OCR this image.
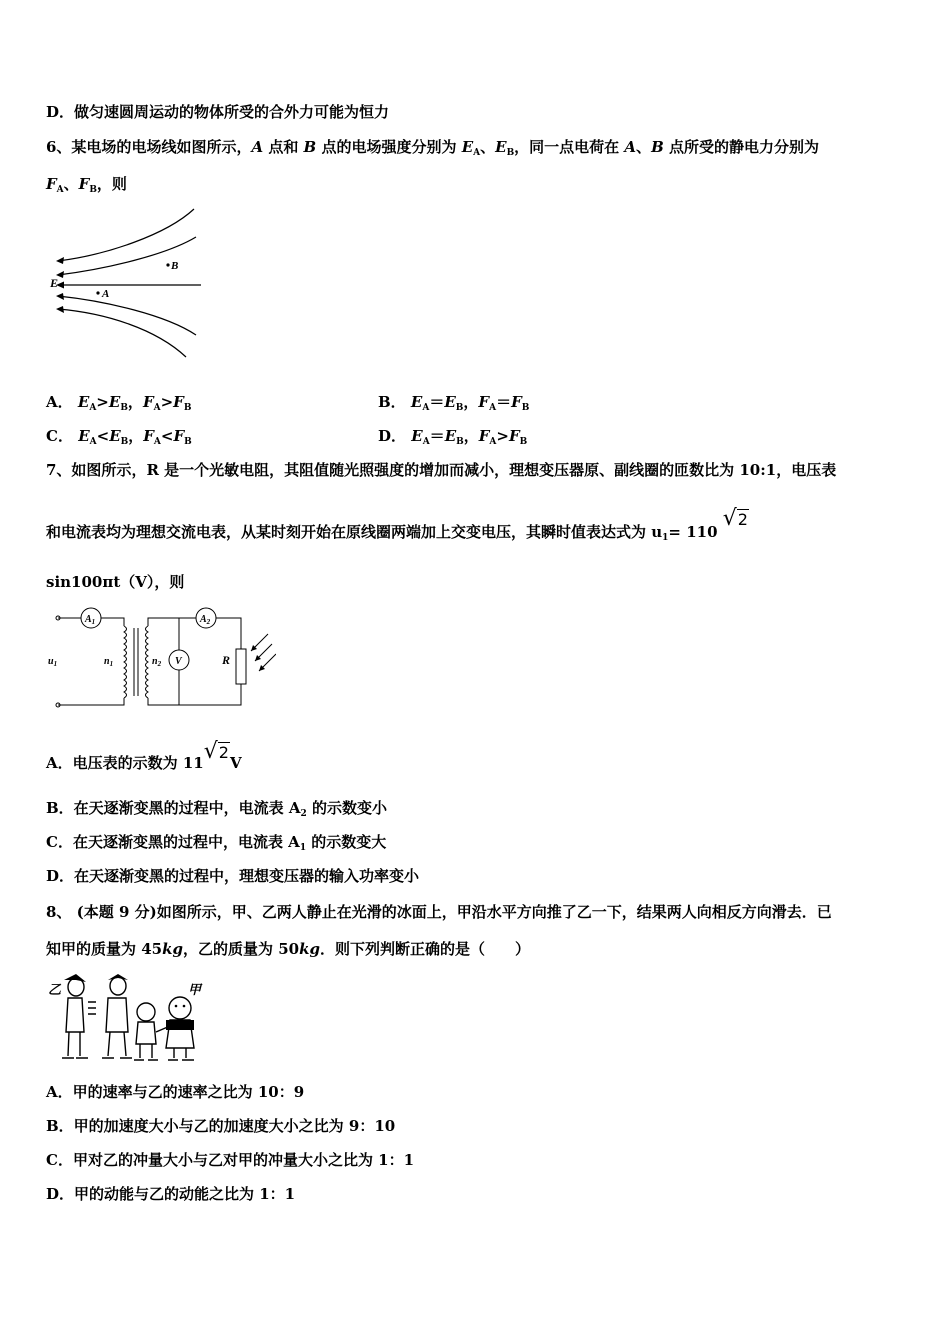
D．做匀速圆周运动的物体所受的合外力可能为恒力
6、某电场的电场线如图所示，A 点和 B 点的电场强度分别为 $E_A$、$E_B$，同一点电荷在 A、B 点所受的静电力分别为
$F_A$、$F_B$，则
E
B
A
A． $E_A>E_B$，$F_A>F_B$	B． $E_A=E_B$，$F_A=F_B$
C． $E_A<E_B$，$F_A<F_B$	D． $E_A=E_B$，$F_A>F_B$
7、如图所示，R 是一个光敏电阻，其阻值随光照强度的增加而减小，理想变压器原、副线圈的匝数比为 10:1，电压表
和电流表均为理想交流电表，从某时刻开始在原线圈两端加上交变电压，其瞬时值表达式为 $u_1= 110$ √2
sin100πt（V），则
$A_1$	$A_2$
V
$u_1$	$n_1$	$n_2$	R
A．电压表的示数为 11√2V
B．在天逐渐变黑的过程中，电流表 $A_2$ 的示数变小
C．在天逐渐变黑的过程中，电流表 $A_1$ 的示数变大
D．在天逐渐变黑的过程中，理想变压器的输入功率变小
8、 (本题 9 分)如图所示，甲、乙两人静止在光滑的冰面上，甲沿水平方向推了乙一下，结果两人向相反方向滑去．已
知甲的质量为 45kg，乙的质量为 50kg．则下列判断正确的是（　　）
乙	甲
A．甲的速率与乙的速率之比为 10：9
B．甲的加速度大小与乙的加速度大小之比为 9：10
C．甲对乙的冲量大小与乙对甲的冲量大小之比为 1：1
D．甲的动能与乙的动能之比为 1：1
